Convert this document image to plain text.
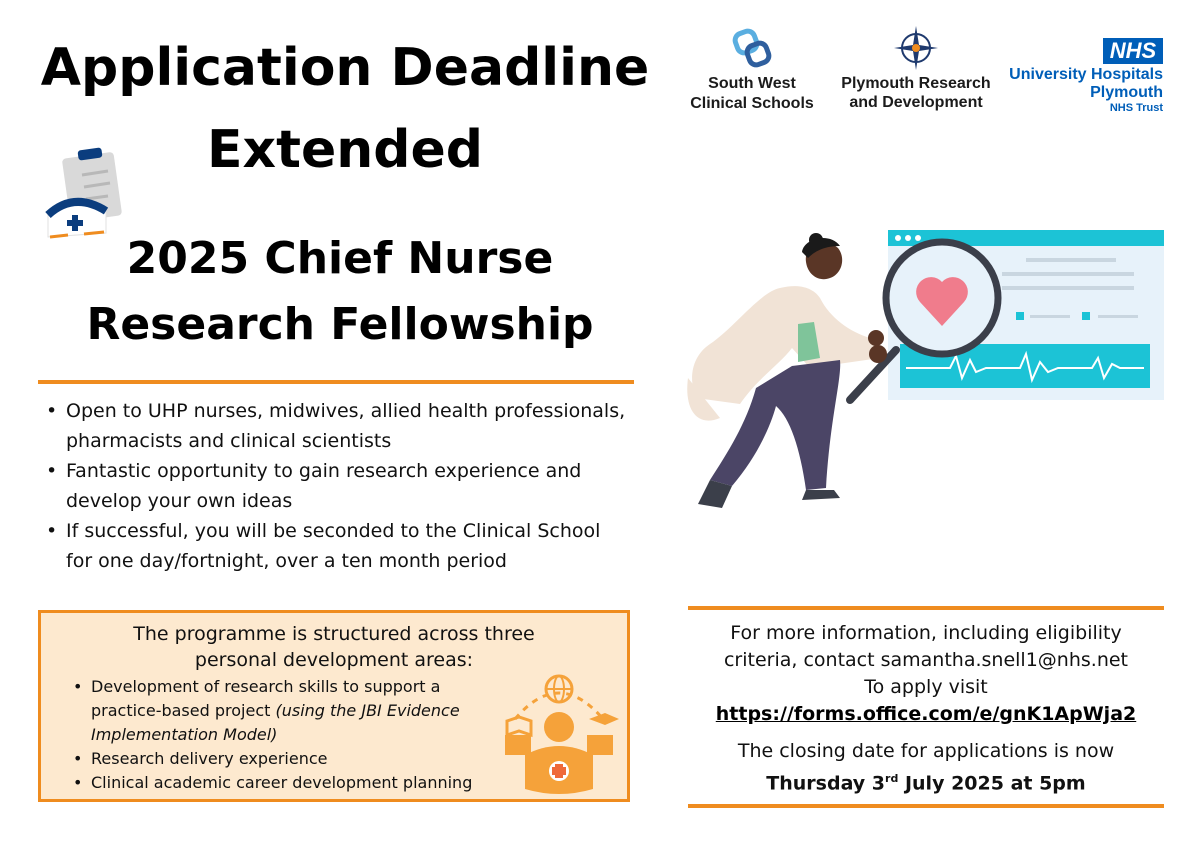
Application Deadline
Extended
2025 Chief Nurse
Research Fellowship
• Open to UHP nurses, midwives, allied health professionals,
pharmacists and clinical scientists
• Fantastic opportunity to gain research experience and
develop your own ideas
• If successful, you will be seconded to the Clinical School
for one day/fortnight, over a ten month period
The programme is structured across three
personal development areas:
• Development of research skills to support a
practice-based project (using the JBI Evidence
Implementation Model)
• Research delivery experience
• Clinical academic career development planning
South West
Clinical Schools
Plymouth Research
and Development
NHS
University Hospitals
Plymouth
NHS Trust
For more information, including eligibility
criteria, contact samantha.snell1@nhs.net
To apply visit
https://forms.office.com/e/gnK1ApWja2
The closing date for applications is now
Thursday 3rd July 2025 at 5pm
